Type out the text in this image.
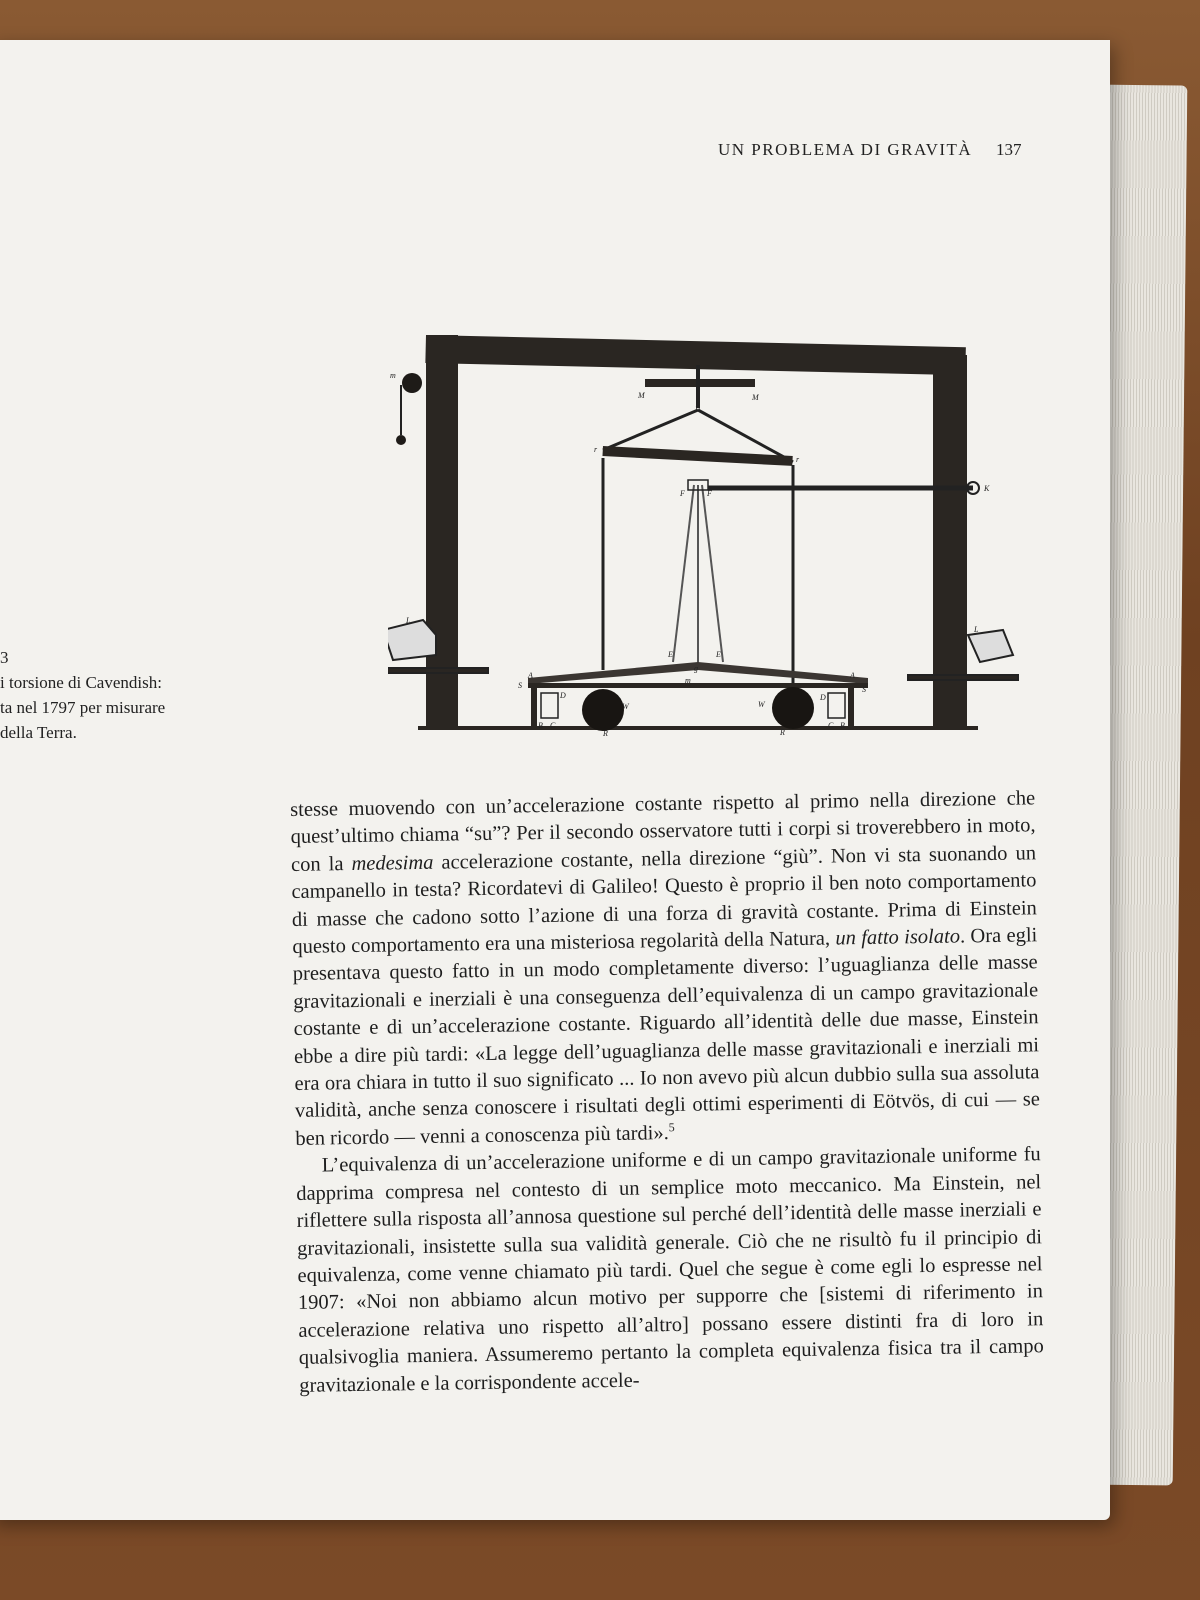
UN PROBLEMA DI GRAVITÀ 137
m
M	M
P
r
r
F	F
K
L
L
E	E
g
m
A	A
S	S
W	W
R	R
D	D
B C	C B
3
i torsione di Cavendish:
ta nel 1797 per misurare
della Terra.

stesse muovendo con un’accelerazione costante rispetto al primo nella direzione che quest’ultimo chiama “su”? Per il secondo osservatore tutti i corpi si troverebbero in moto, con la medesima accelerazione costante, nella direzione “giù”. Non vi sta suonando un campanello in testa? Ricordatevi di Galileo! Questo è proprio il ben noto comportamento di masse che cadono sotto l’azione di una forza di gravità costante. Prima di Einstein questo comportamento era una misteriosa regolarità della Natura, un fatto isolato. Ora egli presentava questo fatto in un modo completamente diverso: l’uguaglianza delle masse gravitazionali e inerziali è una conseguenza dell’equivalenza di un campo gravitazionale costante e di un’accelerazione costante. Riguardo all’identità delle due masse, Einstein ebbe a dire più tardi: «La legge dell’uguaglianza delle masse gravitazionali e inerziali mi era ora chiara in tutto il suo significato ... Io non avevo più alcun dubbio sulla sua assoluta validità, anche senza conoscere i risultati degli ottimi esperimenti di Eötvös, di cui — se ben ricordo — venni a conoscenza più tardi».$^5$

L’equivalenza di un’accelerazione uniforme e di un campo gravitazionale uniforme fu dapprima compresa nel contesto di un semplice moto meccanico. Ma Einstein, nel riflettere sulla risposta all’annosa questione sul perché dell’identità delle masse inerziali e gravitazionali, insistette sulla sua validità generale. Ciò che ne risultò fu il principio di equivalenza, come venne chiamato più tardi. Quel che segue è come egli lo espresse nel 1907: «Noi non abbiamo alcun motivo per supporre che [sistemi di riferimento in accelerazione relativa uno rispetto all’altro] possano essere distinti fra di loro in qualsivoglia maniera. Assumeremo pertanto la completa equivalenza fisica tra il campo gravitazionale e la corrispondente accele-
